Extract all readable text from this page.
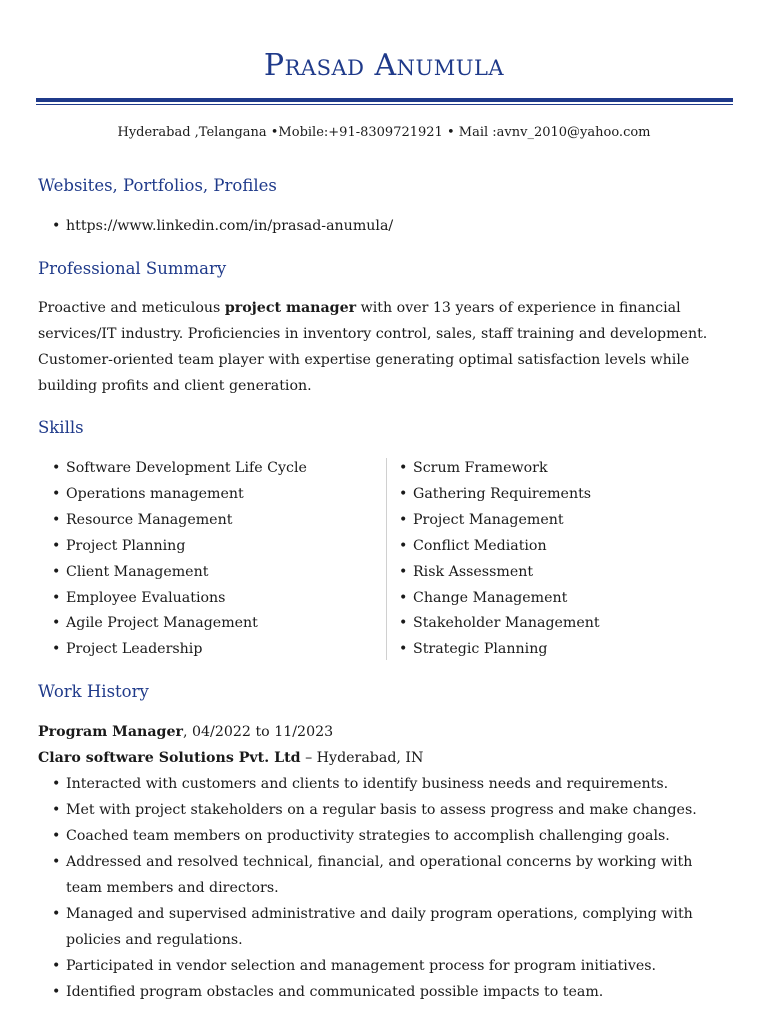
Prasad Anumula
Hyderabad ,Telangana •Mobile:+91-8309721921 • Mail :avnv_2010@yahoo.com
Websites, Portfolios, Profiles
• https://www.linkedin.com/in/prasad-anumula/
Professional Summary
Proactive and meticulous project manager with over 13 years of experience in financial services/IT industry. Proficiencies in inventory control, sales, staff training and development. Customer-oriented team player with expertise generating optimal satisfaction levels while building profits and client generation.
Skills
• Software Development Life Cycle
• Operations management
• Resource Management
• Project Planning
• Client Management
• Employee Evaluations
• Agile Project Management
• Project Leadership
• Scrum Framework
• Gathering Requirements
• Project Management
• Conflict Mediation
• Risk Assessment
• Change Management
• Stakeholder Management
• Strategic Planning
Work History
Program Manager, 04/2022 to 11/2023
Claro software Solutions Pvt. Ltd – Hyderabad, IN
• Interacted with customers and clients to identify business needs and requirements.
• Met with project stakeholders on a regular basis to assess progress and make changes.
• Coached team members on productivity strategies to accomplish challenging goals.
• Addressed and resolved technical, financial, and operational concerns by working with team members and directors.
• Managed and supervised administrative and daily program operations, complying with policies and regulations.
• Participated in vendor selection and management process for program initiatives.
• Identified program obstacles and communicated possible impacts to team.
